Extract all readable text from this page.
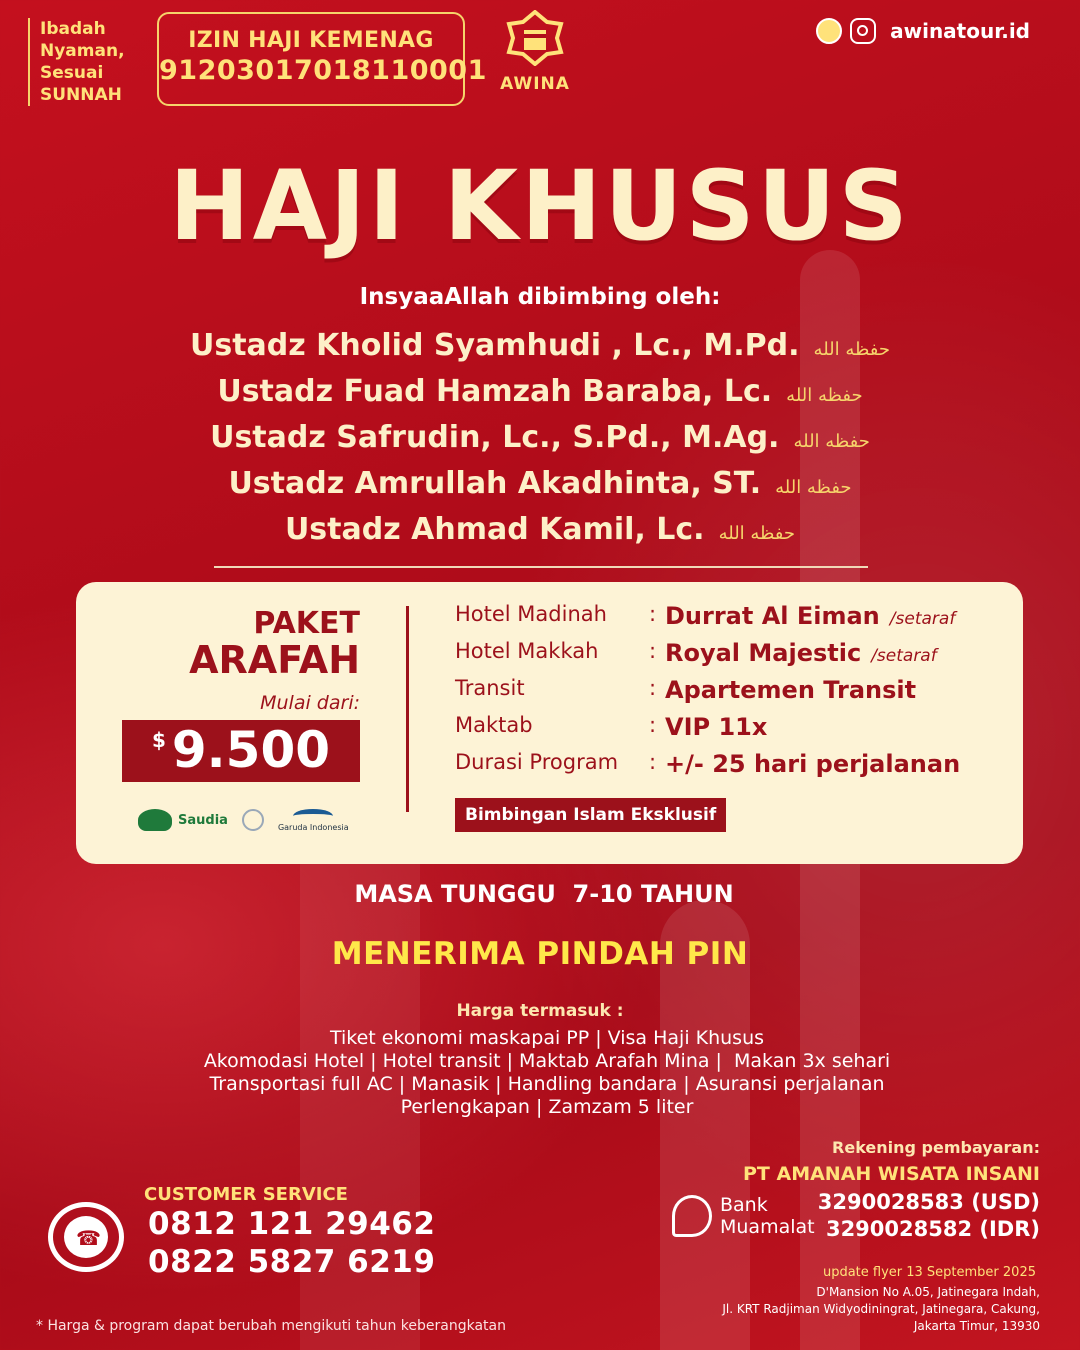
Ibadah
Nyaman,
Sesuai
SUNNAH
IZIN HAJI KEMENAG
91203017018110001 AWINA
awinatour.id
HAJI KHUSUS
InsyaaAllah dibimbing oleh:
Ustadz Kholid Syamhudi , Lc., M.Pd. حفظه الله
Ustadz Fuad Hamzah Baraba, Lc. حفظه الله
Ustadz Safrudin, Lc., S.Pd., M.Ag. حفظه الله
Ustadz Amrullah Akadhinta, ST. حفظه الله
Ustadz Ahmad Kamil, Lc. حفظه الله
PAKET
ARAFAH
Mulai dari:
$ 9.500
Saudia	Garuda Indonesia
Hotel Madinah : Durrat Al Eiman /setaraf
Hotel Makkah : Royal Majestic /setaraf
Transit	: Apartemen Transit
Maktab	: VIP 11x
Durasi Program : +/- 25 hari perjalanan
Bimbingan Islam Eksklusif
MASA TUNGGU  7-10 TAHUN
MENERIMA PINDAH PIN
Harga termasuk :
Tiket ekonomi maskapai PP | Visa Haji Khusus
Akomodasi Hotel | Hotel transit | Maktab Arafah Mina |  Makan 3x sehari
Transportasi full AC | Manasik | Handling bandara | Asuransi perjalanan
Perlengkapan | Zamzam 5 liter
☎
CUSTOMER SERVICE
0812 121 29462
0822 5827 6219
* Harga & program dapat berubah mengikuti tahun keberangkatan
Rekening pembayaran:
PT AMANAH WISATA INSANI
Bank
Muamalat
3290028583 (USD)
3290028582 (IDR)
update flyer 13 September 2025
D'Mansion No A.05, Jatinegara Indah,
Jl. KRT Radjiman Widyodiningrat, Jatinegara, Cakung,
Jakarta Timur, 13930
